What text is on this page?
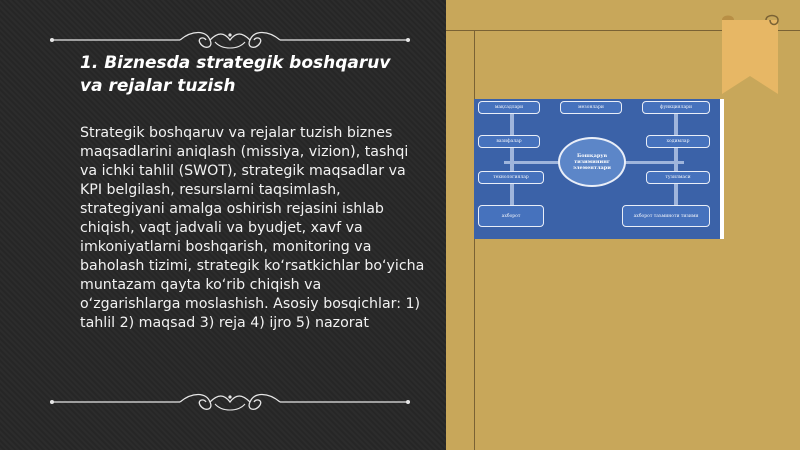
1. Biznesda strategik boshqaruv va rejalar tuzish

Strategik boshqaruv va rejalar tuzish biznes maqsadlarini aniqlash (missiya, vizion), tashqi va ichki tahlil (SWOT), strategik maqsadlar va KPI belgilash, resurslarni taqsimlash, strategiyani amalga oshirish rejasini ishlab chiqish, vaqt jadvali va byudjet, xavf va imkoniyatlarni boshqarish, monitoring va baholash tizimi, strategik ko‘rsatkichlar bo‘yicha muntazam qayta ko‘rib chiqish va o‘zgarishlarga moslashish. Asosiy bosqichlar: 1) tahlil 2) maqsad 3) reja 4) ijro 5) nazorat

мақсадлари	мезонлари	функциялари
вазифалар	ходимлар
технологиялар	тузилмаси
ахборот	ахборот таъминоти тизими
Бошқарув тизимининг элементлари
